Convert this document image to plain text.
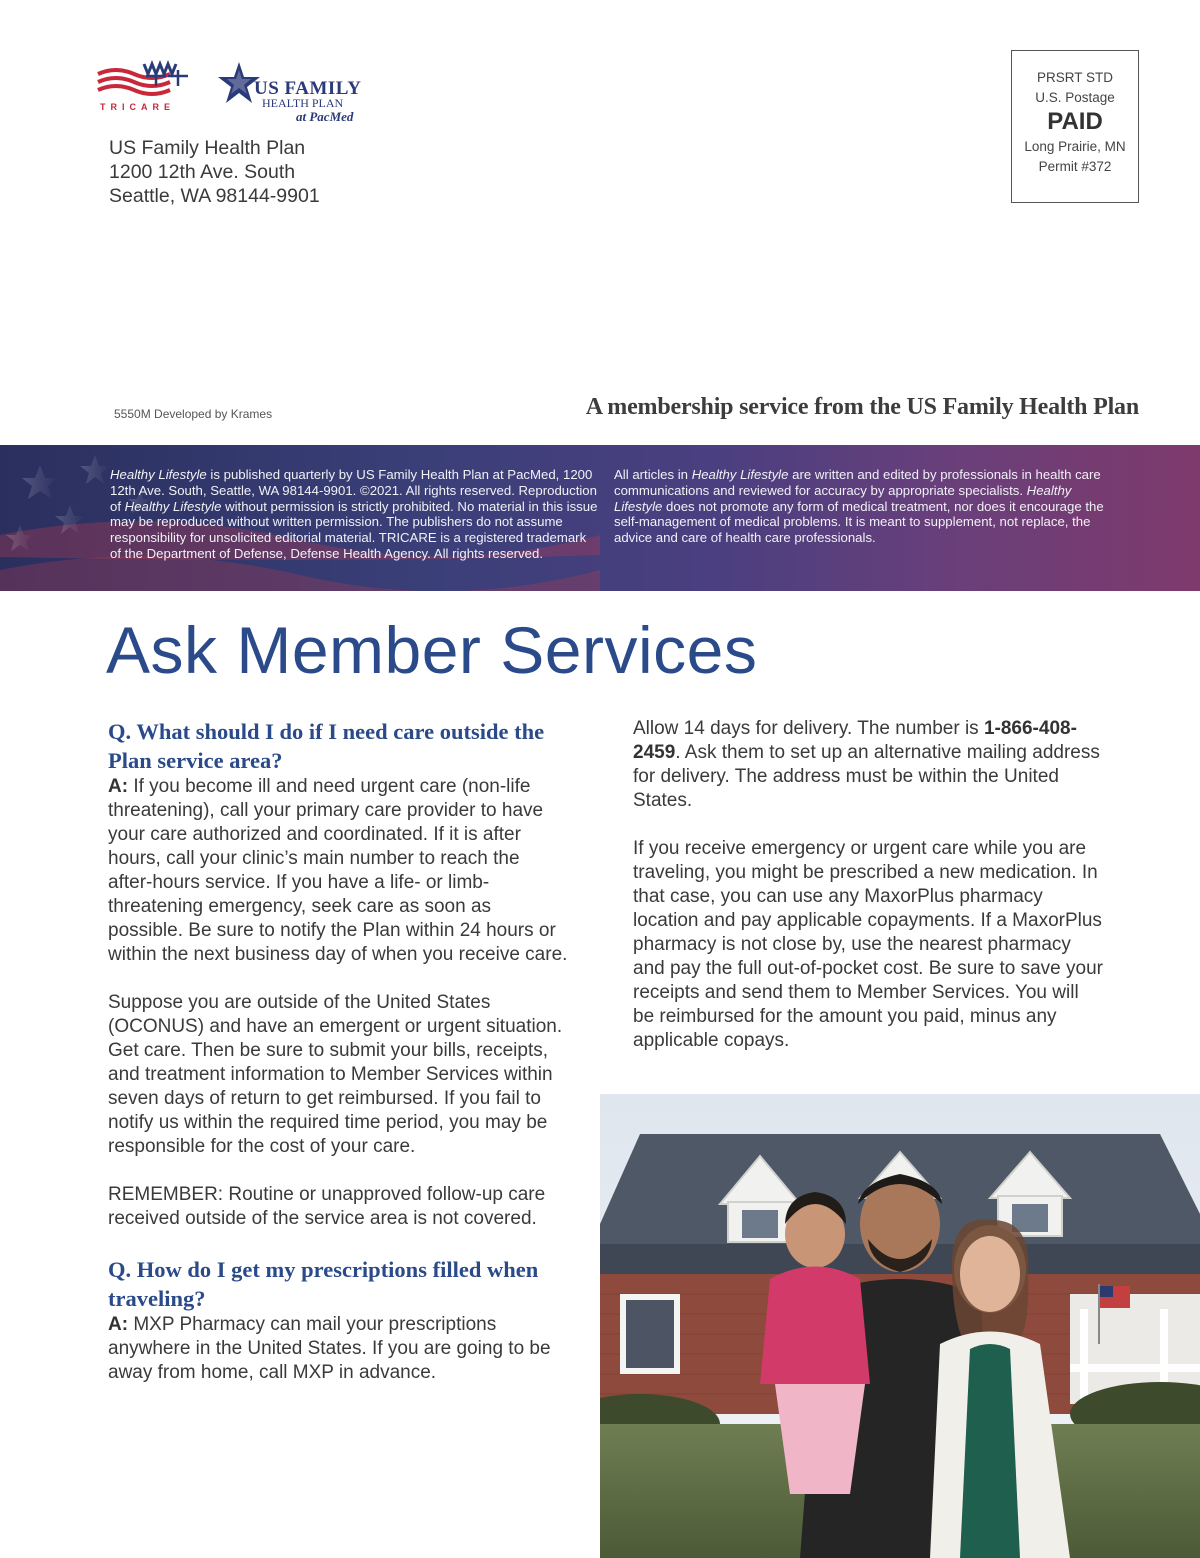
TRICARE
US FAMILY
HEALTH PLAN
at PacMed
US Family Health Plan
1200 12th Ave. South
Seattle, WA 98144-9901
PRSRT STD
U.S. Postage
PAID
Long Prairie, MN
Permit #372
5550M Developed by Krames	A membership service from the US Family Health Plan
Healthy Lifestyle is published quarterly by US Family Health Plan at PacMed, 1200 12th Ave. South, Seattle, WA 98144-9901. ©2021. All rights reserved. Reproduction of Healthy Lifestyle without permission is strictly prohibited. No material in this issue may be reproduced without written permission. The publishers do not assume responsibility for unsolicited editorial material. TRICARE is a registered trademark of the Department of Defense, Defense Health Agency. All rights reserved.
All articles in Healthy Lifestyle are written and edited by professionals in health care communications and reviewed for accuracy by appropriate specialists. Healthy Lifestyle does not promote any form of medical treatment, nor does it encourage the self-management of medical problems. It is meant to supplement, not replace, the advice and care of health care professionals.
Ask Member Services
Q. What should I do if I need care outside the Plan service area?
A: If you become ill and need urgent care (non-life threatening), call your primary care provider to have your care authorized and coordinated. If it is after hours, call your clinic’s main number to reach the after-hours service. If you have a life- or limb-threatening emergency, seek care as soon as possible. Be sure to notify the Plan within 24 hours or within the next business day of when you receive care.
Suppose you are outside of the United States (OCONUS) and have an emergent or urgent situation. Get care. Then be sure to submit your bills, receipts, and treatment information to Member Services within seven days of return to get reimbursed. If you fail to notify us within the required time period, you may be responsible for the cost of your care.
REMEMBER: Routine or unapproved follow-up care received outside of the service area is not covered.
Q. How do I get my prescriptions filled when traveling?
A: MXP Pharmacy can mail your prescriptions anywhere in the United States. If you are going to be away from home, call MXP in advance.
Allow 14 days for delivery. The number is 1-866-408-2459. Ask them to set up an alternative mailing address for delivery. The address must be within the United States.
If you receive emergency or urgent care while you are traveling, you might be prescribed a new medication. In that case, you can use any MaxorPlus pharmacy location and pay applicable copayments. If a MaxorPlus pharmacy is not close by, use the nearest pharmacy and pay the full out-of-pocket cost. Be sure to save your receipts and send them to Member Services. You will be reimbursed for the amount you paid, minus any applicable copays.
